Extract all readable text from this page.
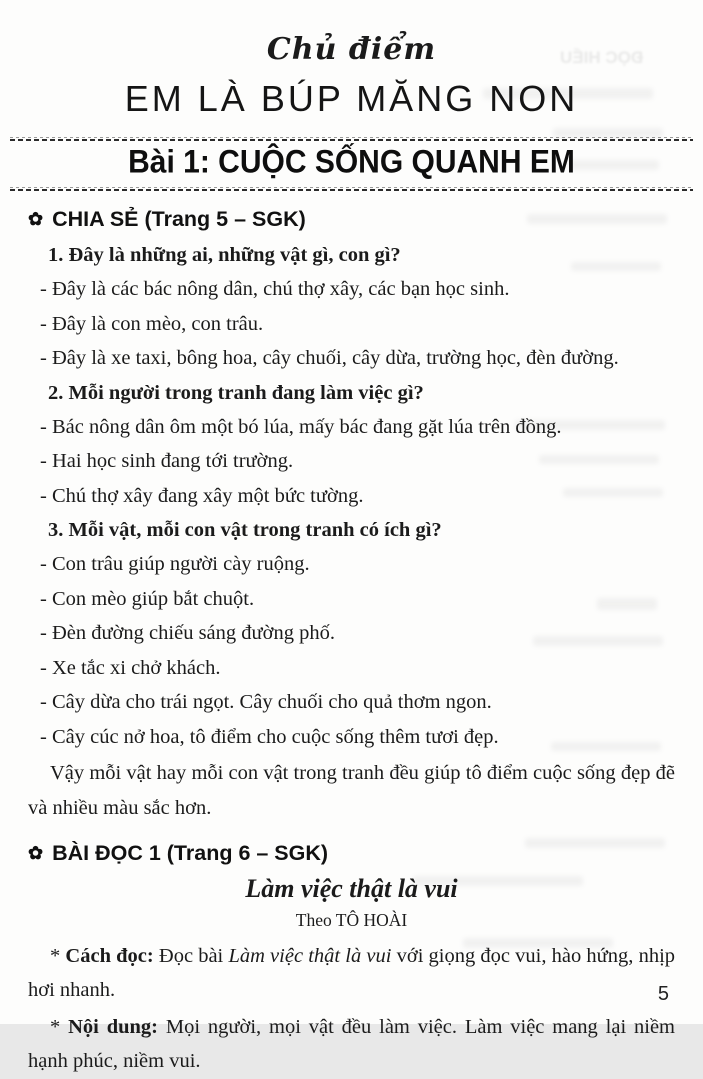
ĐỌC HIỂU
Chủ điểm
EM LÀ BÚP MĂNG NON
Bài 1: CUỘC SỐNG QUANH EM
✿ CHIA SẺ (Trang 5 – SGK)

1. Đây là những ai, những vật gì, con gì?

- Đây là các bác nông dân, chú thợ xây, các bạn học sinh.

- Đây là con mèo, con trâu.

- Đây là xe taxi, bông hoa, cây chuối, cây dừa, trường học, đèn đường.

2. Mỗi người trong tranh đang làm việc gì?

- Bác nông dân ôm một bó lúa, mấy bác đang gặt lúa trên đồng.

- Hai học sinh đang tới trường.

- Chú thợ xây đang xây một bức tường.

3. Mỗi vật, mỗi con vật trong tranh có ích gì?

- Con trâu giúp người cày ruộng.

- Con mèo giúp bắt chuột.

- Đèn đường chiếu sáng đường phố.

- Xe tắc xi chở khách.

- Cây dừa cho trái ngọt. Cây chuối cho quả thơm ngon.

- Cây cúc nở hoa, tô điểm cho cuộc sống thêm tươi đẹp.

Vậy mỗi vật hay mỗi con vật trong tranh đều giúp tô điểm cuộc sống đẹp đẽ và nhiều màu sắc hơn.

✿ BÀI ĐỌC 1 (Trang 6 – SGK)
Làm việc thật là vui
Theo TÔ HOÀI

* Cách đọc: Đọc bài Làm việc thật là vui với giọng đọc vui, hào hứng, nhịp hơi nhanh.

* Nội dung: Mọi người, mọi vật đều làm việc. Làm việc mang lại niềm hạnh phúc, niềm vui.

5
